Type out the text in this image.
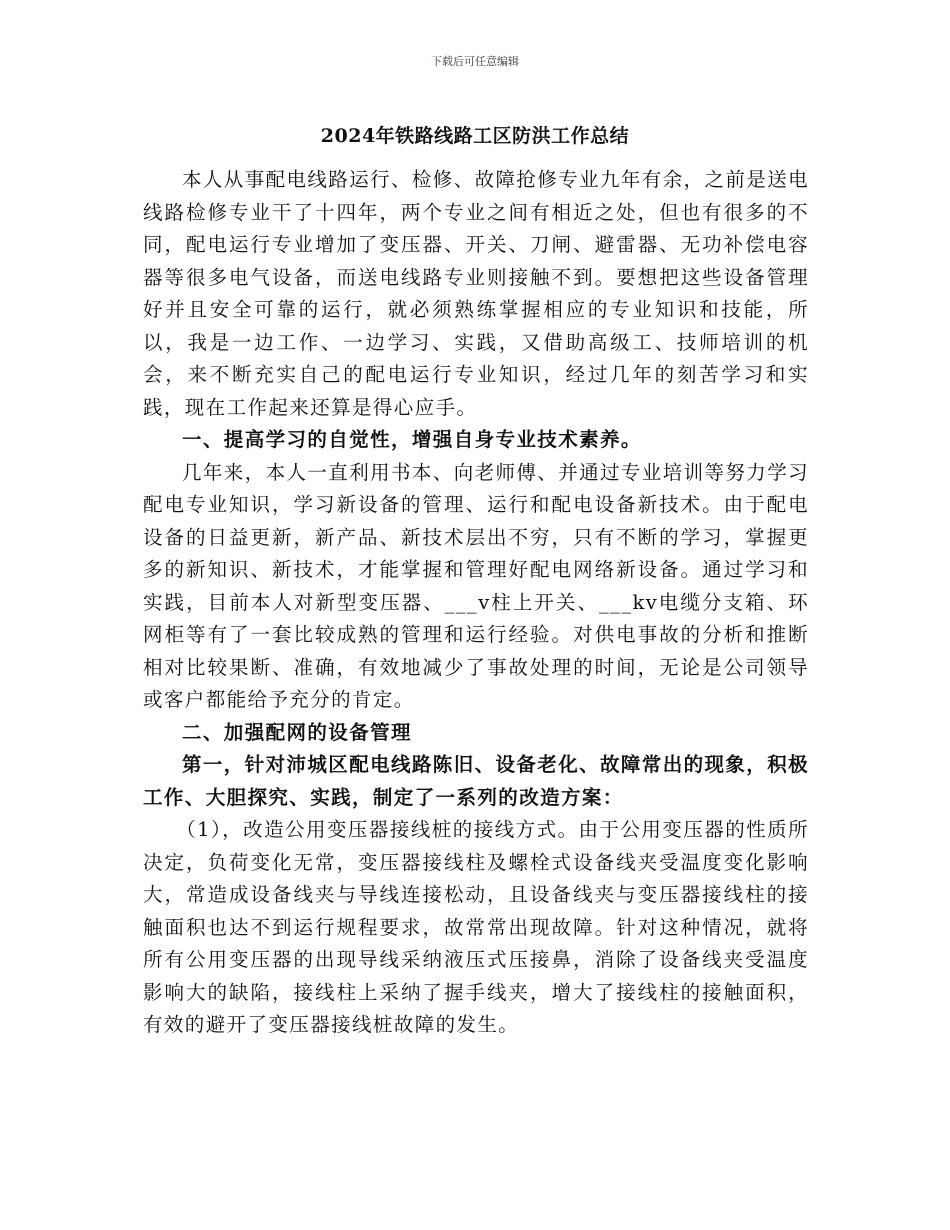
下载后可任意编辑
2024年铁路线路工区防洪工作总结

本人从事配电线路运行、检修、故障抢修专业九年有余，之前是送电线路检修专业干了十四年，两个专业之间有相近之处，但也有很多的不同，配电运行专业增加了变压器、开关、刀闸、避雷器、无功补偿电容器等很多电气设备，而送电线路专业则接触不到。要想把这些设备管理好并且安全可靠的运行，就必须熟练掌握相应的专业知识和技能，所以，我是一边工作、一边学习、实践，又借助高级工、技师培训的机会，来不断充实自己的配电运行专业知识，经过几年的刻苦学习和实践，现在工作起来还算是得心应手。

一、提高学习的自觉性，增强自身专业技术素养。

几年来，本人一直利用书本、向老师傅、并通过专业培训等努力学习配电专业知识，学习新设备的管理、运行和配电设备新技术。由于配电设备的日益更新，新产品、新技术层出不穷，只有不断的学习，掌握更多的新知识、新技术，才能掌握和管理好配电网络新设备。通过学习和实践，目前本人对新型变压器、___v柱上开关、___kv电缆分支箱、环网柜等有了一套比较成熟的管理和运行经验。对供电事故的分析和推断相对比较果断、准确，有效地减少了事故处理的时间，无论是公司领导或客户都能给予充分的肯定。

二、加强配网的设备管理

第一，针对沛城区配电线路陈旧、设备老化、故障常出的现象，积极工作、大胆探究、实践，制定了一系列的改造方案：

（1），改造公用变压器接线桩的接线方式。由于公用变压器的性质所决定，负荷变化无常，变压器接线柱及螺栓式设备线夹受温度变化影响大，常造成设备线夹与导线连接松动，且设备线夹与变压器接线柱的接触面积也达不到运行规程要求，故常常出现故障。针对这种情况，就将所有公用变压器的出现导线采纳液压式压接鼻，消除了设备线夹受温度影响大的缺陷，接线柱上采纳了握手线夹，增大了接线柱的接触面积，有效的避开了变压器接线桩故障的发生。
